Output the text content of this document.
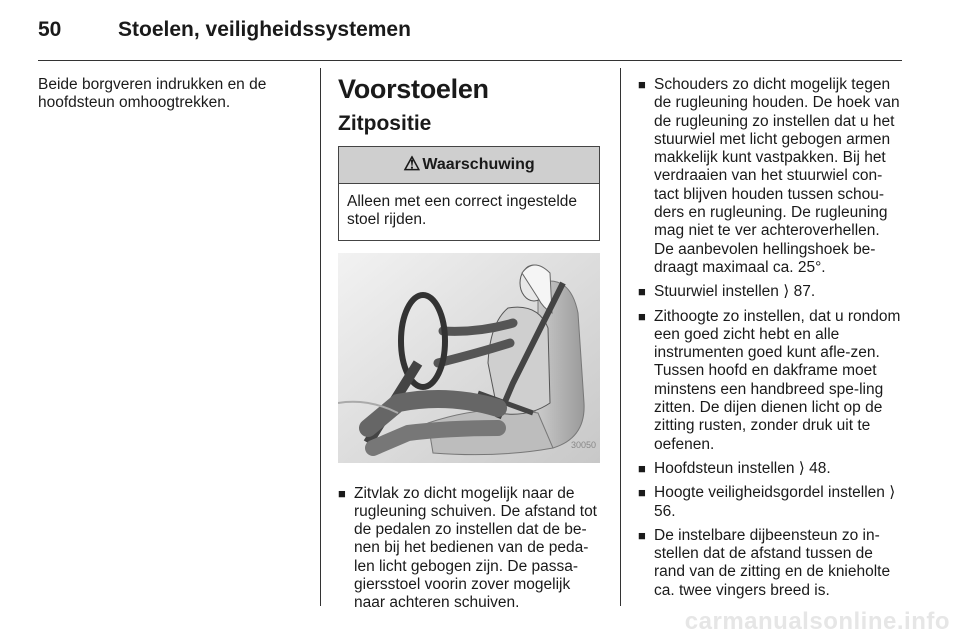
50	Stoelen, veiligheidssystemen

Beide borgveren indrukken en de hoofdsteun omhoogtrekken.	Voorstoelen
Zitpositie
⚠ Waarschuwing
Alleen met een correct ingestelde stoel rijden.
30050
■ Zitvlak zo dicht mogelijk naar de rugleuning schuiven. De afstand tot de pedalen zo instellen dat de be-nen bij het bedienen van de peda-len licht gebogen zijn. De passa-giersstoel voorin zover mogelijk naar achteren schuiven.
■ Schouders zo dicht mogelijk tegen de rugleuning houden. De hoek van de rugleuning zo instellen dat u het stuurwiel met licht gebogen armen makkelijk kunt vastpakken. Bij het verdraaien van het stuurwiel con-tact blijven houden tussen schou-ders en rugleuning. De rugleuning mag niet te ver achteroverhellen. De aanbevolen hellingshoek be-draagt maximaal ca. 25°.
■ Stuurwiel instellen ⟩ 87.
■ Zithoogte zo instellen, dat u rondom een goed zicht hebt en alle instrumenten goed kunt afle-zen. Tussen hoofd en dakframe moet minstens een handbreed spe-ling zitten. De dijen dienen licht op de zitting rusten, zonder druk uit te oefenen.
■ Hoofdsteun instellen ⟩ 48.
■ Hoogte veiligheidsgordel instellen ⟩ 56.
■ De instelbare dijbeensteun zo in-stellen dat de afstand tussen de rand van de zitting en de knieholte ca. twee vingers breed is.
carmanualsonline.info
